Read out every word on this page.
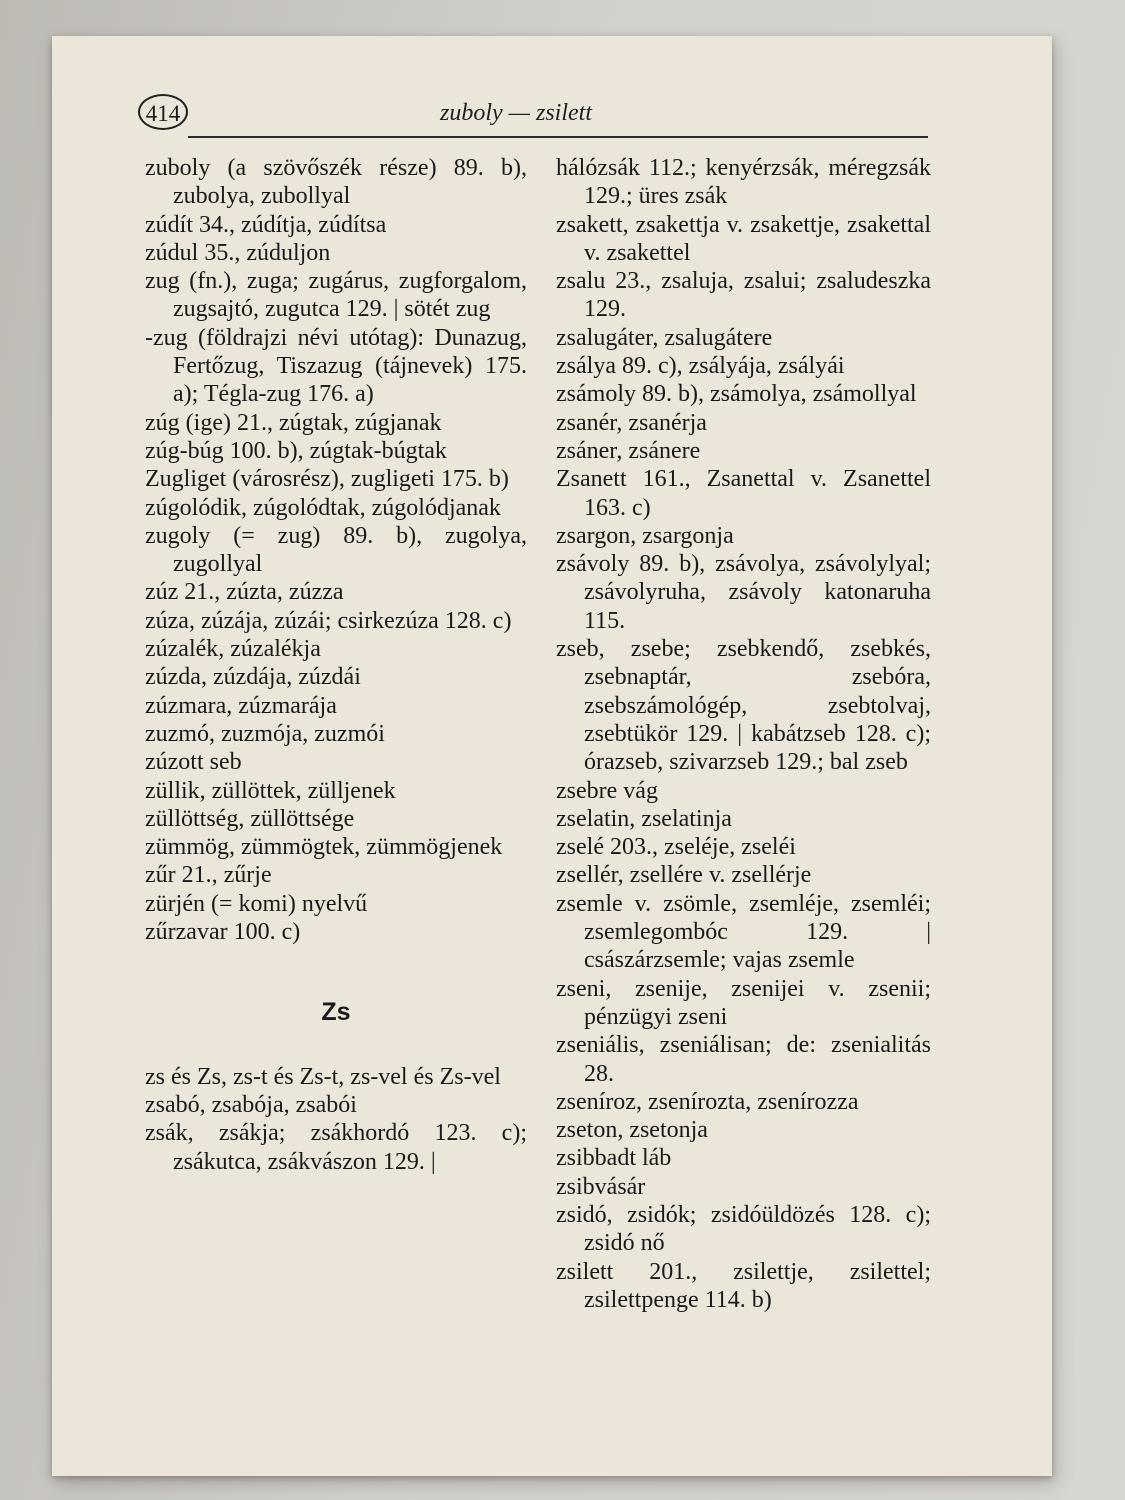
414	zuboly — zsilett

zuboly (a szövőszék része) 89. b), zubolya, zubollyal

zúdít 34., zúdítja, zúdítsa

zúdul 35., zúduljon

zug (fn.), zuga; zugárus, zugforgalom, zugsajtó, zugutca 129. | sötét zug

-zug (földrajzi névi utótag): Dunazug, Fertőzug, Tiszazug (tájnevek) 175. a); Tégla-zug 176. a)

zúg (ige) 21., zúgtak, zúgjanak

zúg-búg 100. b), zúgtak-búgtak

Zugliget (városrész), zugligeti 175. b)

zúgolódik, zúgolódtak, zúgolódjanak

zugoly (= zug) 89. b), zugolya, zugollyal

zúz 21., zúzta, zúzza

zúza, zúzája, zúzái; csirkezúza 128. c)

zúzalék, zúzalékja

zúzda, zúzdája, zúzdái

zúzmara, zúzmarája

zuzmó, zuzmója, zuzmói

zúzott seb

züllik, züllöttek, zülljenek

züllöttség, züllöttsége

zümmög, zümmögtek, zümmögjenek

zűr 21., zűrje

zürjén (= komi) nyelvű

zűrzavar 100. c)

Zs

zs és Zs, zs-t és Zs-t, zs-vel és Zs-vel

zsabó, zsabója, zsabói

zsák, zsákja; zsákhordó 123. c); zsákutca, zsákvászon 129. |

hálózsák 112.; kenyérzsák, méregzsák 129.; üres zsák

zsakett, zsakettja v. zsakettje, zsakettal v. zsakettel

zsalu 23., zsaluja, zsalui; zsaludeszka 129.

zsalugáter, zsalugátere

zsálya 89. c), zsályája, zsályái

zsámoly 89. b), zsámolya, zsámollyal

zsanér, zsanérja

zsáner, zsánere

Zsanett 161., Zsanettal v. Zsanettel 163. c)

zsargon, zsargonja

zsávoly 89. b), zsávolya, zsávolylyal; zsávolyruha, zsávoly katonaruha 115.

zseb, zsebe; zsebkendő, zsebkés, zsebnaptár, zsebóra, zsebszámológép, zsebtolvaj, zsebtükör 129. | kabátzseb 128. c); órazseb, szivarzseb 129.; bal zseb

zsebre vág

zselatin, zselatinja

zselé 203., zseléje, zseléi

zsellér, zsellére v. zsellérje

zsemle v. zsömle, zsemléje, zsemléi; zsemlegombóc 129. | császárzsemle; vajas zsemle

zseni, zsenije, zsenijei v. zsenii; pénzügyi zseni

zseniális, zseniálisan; de: zsenialitás 28.

zseníroz, zsenírozta, zsenírozza

zseton, zsetonja

zsibbadt láb

zsibvásár

zsidó, zsidók; zsidóüldözés 128. c); zsidó nő

zsilett 201., zsilettje, zsilettel; zsilettpenge 114. b)
